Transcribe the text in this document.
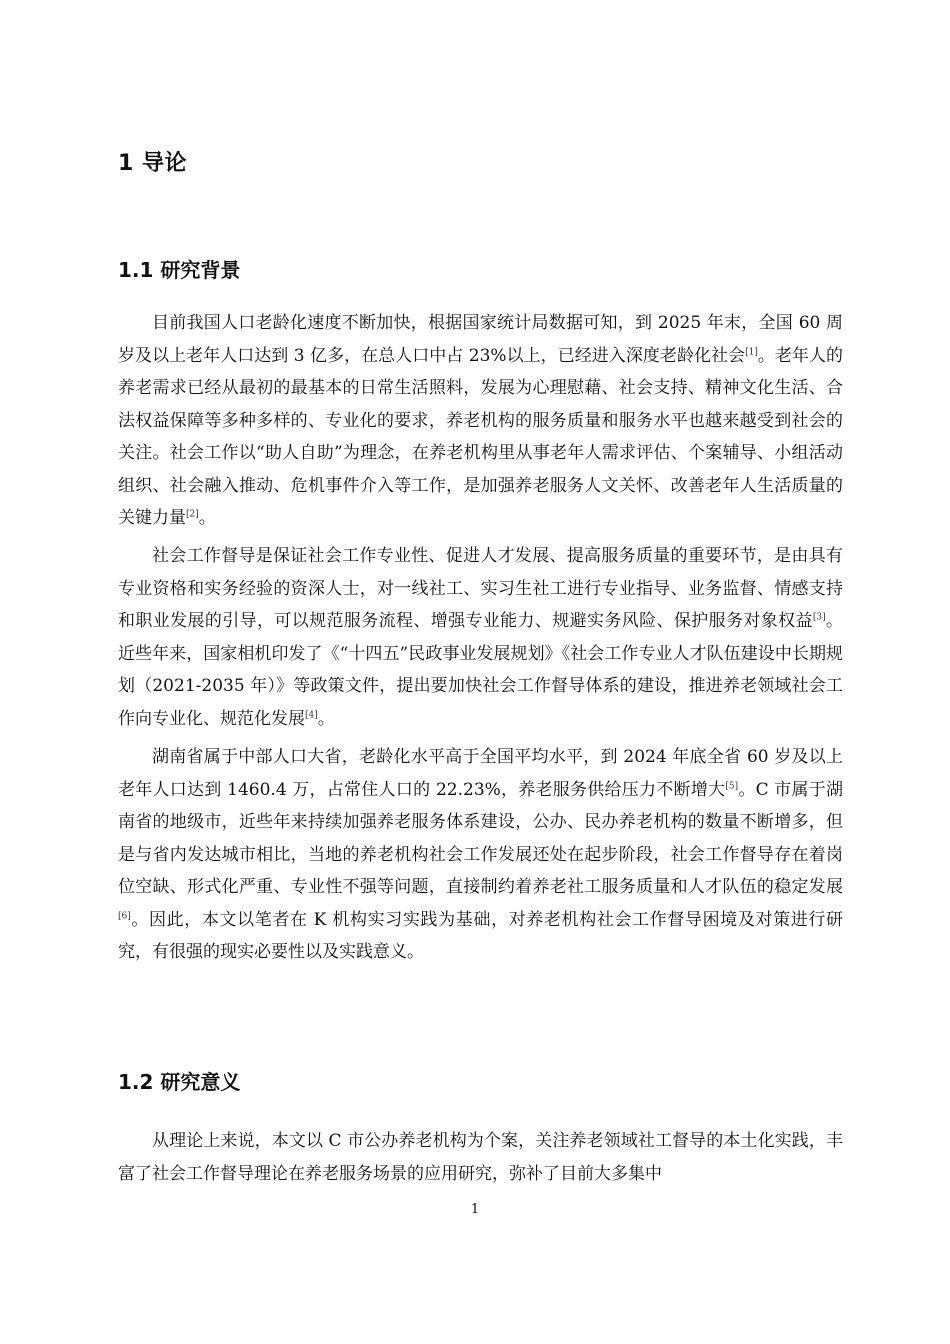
1 导论
1.1 研究背景

目前我国人口老龄化速度不断加快，根据国家统计局数据可知，到 2025 年末，全国 60 周岁及以上老年人口达到 3 亿多，在总人口中占 23%以上，已经进入深度老龄化社会[1]。老年人的养老需求已经从最初的最基本的日常生活照料，发展为心理慰藉、社会支持、精神文化生活、合法权益保障等多种多样的、专业化的要求，养老机构的服务质量和服务水平也越来越受到社会的关注。社会工作以“助人自助”为理念，在养老机构里从事老年人需求评估、个案辅导、小组活动组织、社会融入推动、危机事件介入等工作，是加强养老服务人文关怀、改善老年人生活质量的关键力量[2]。

社会工作督导是保证社会工作专业性、促进人才发展、提高服务质量的重要环节，是由具有专业资格和实务经验的资深人士，对一线社工、实习生社工进行专业指导、业务监督、情感支持和职业发展的引导，可以规范服务流程、增强专业能力、规避实务风险、保护服务对象权益[3]。近些年来，国家相机印发了《“十四五”民政事业发展规划》《社会工作专业人才队伍建设中长期规划（2021-2035 年）》等政策文件，提出要加快社会工作督导体系的建设，推进养老领域社会工作向专业化、规范化发展[4]。

湖南省属于中部人口大省，老龄化水平高于全国平均水平，到 2024 年底全省 60 岁及以上老年人口达到 1460.4 万，占常住人口的 22.23%，养老服务供给压力不断增大[5]。C 市属于湖南省的地级市，近些年来持续加强养老服务体系建设，公办、民办养老机构的数量不断增多，但是与省内发达城市相比，当地的养老机构社会工作发展还处在起步阶段，社会工作督导存在着岗位空缺、形式化严重、专业性不强等问题，直接制约着养老社工服务质量和人才队伍的稳定发展[6]。因此，本文以笔者在 K 机构实习实践为基础，对养老机构社会工作督导困境及对策进行研究，有很强的现实必要性以及实践意义。

1.2 研究意义

从理论上来说，本文以 C 市公办养老机构为个案，关注养老领域社工督导的本土化实践，丰富了社会工作督导理论在养老服务场景的应用研究，弥补了目前大多集中

1
